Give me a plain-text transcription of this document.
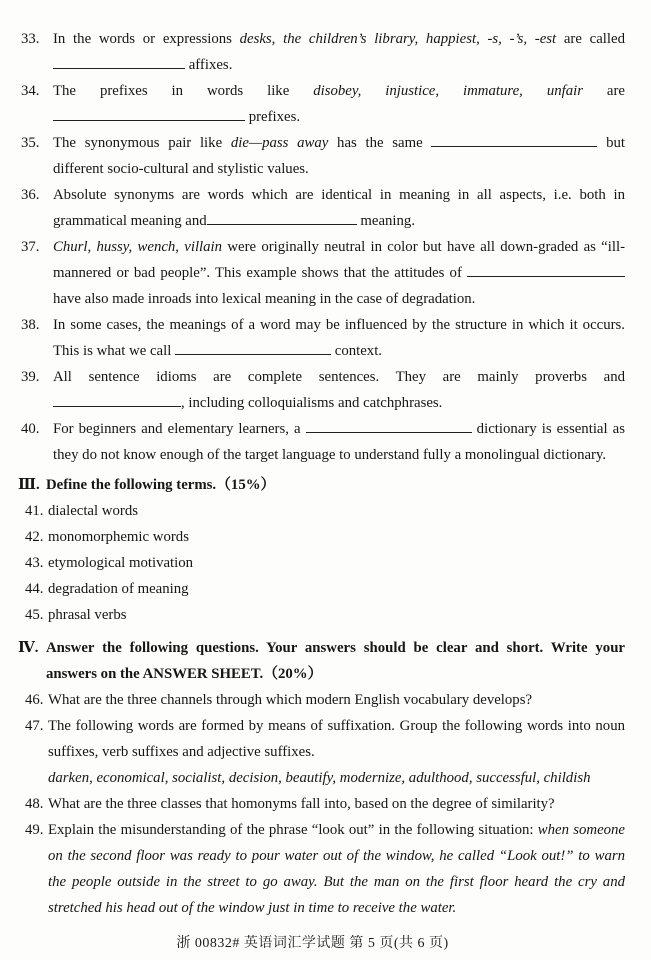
33. In the words or expressions desks, the children’s library, happiest, -s, -’s, -est are called  affixes.
34. The prefixes in words like disobey, injustice, immature, unfair are  prefixes.
35. The synonymous pair like die—pass away has the same	but different socio-cultural and stylistic values.
36. Absolute synonyms are words which are identical in meaning in all aspects, i.e. both in grammatical meaning and	meaning.
37. Churl, hussy, wench, villain were originally neutral in color but have all down-graded as “ill-mannered or bad people”. This example shows that the attitudes of  have also made inroads into lexical meaning in the case of degradation.
38. In some cases, the meanings of a word may be influenced by the structure in which it occurs. This is what we call	context.
39. All sentence idioms are complete sentences. They are mainly proverbs and , including colloquialisms and catchphrases.
40. For beginners and elementary learners, a	dictionary is essential as they do not know enough of the target language to understand fully a monolingual dictionary.
Ⅲ. Define the following terms.（15%）
41. dialectal words
42. monomorphemic words
43. etymological motivation
44. degradation of meaning
45. phrasal verbs
Ⅳ. Answer the following questions. Your answers should be clear and short. Write your answers on the ANSWER SHEET.（20%）
46. What are the three channels through which modern English vocabulary develops?
47. The following words are formed by means of suffixation. Group the following words into noun suffixes, verb suffixes and adjective suffixes.
darken, economical, socialist, decision, beautify, modernize, adulthood, successful, childish
48. What are the three classes that homonyms fall into, based on the degree of similarity?
49. Explain the misunderstanding of the phrase “look out” in the following situation: when someone on the second floor was ready to pour water out of the window, he called “Look out!” to warn the people outside in the street to go away. But the man on the first floor heard the cry and stretched his head out of the window just in time to receive the water.
浙 00832# 英语词汇学试题 第 5 页(共 6 页)
